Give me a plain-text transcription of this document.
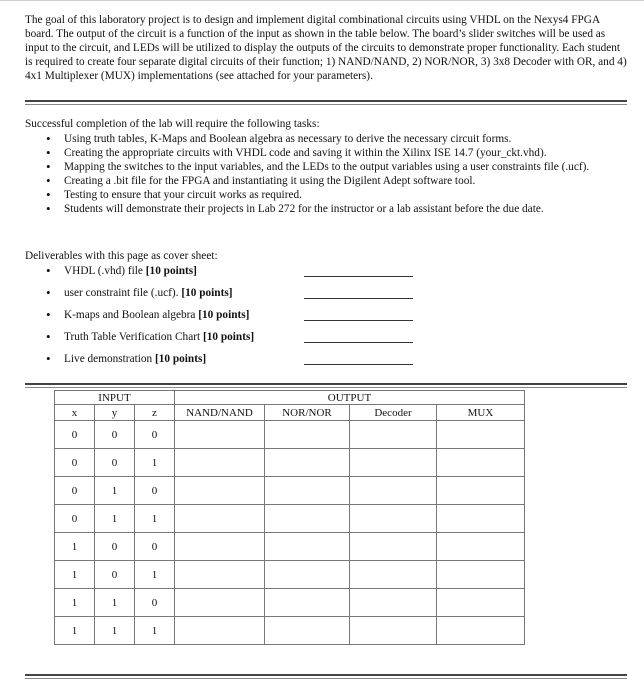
The goal of this laboratory project is to design and implement digital combinational circuits using VHDL on the Nexys4 FPGA board. The output of the circuit is a function of the input as shown in the table below. The board’s slider switches will be used as input to the circuit, and LEDs will be utilized to display the outputs of the circuits to demonstrate proper functionality. Each student is required to create four separate digital circuits of their function; 1) NAND/NAND, 2) NOR/NOR, 3) 3x8 Decoder with OR, and 4) 4x1 Multiplexer (MUX) implementations (see attached for your parameters).

Successful completion of the lab will require the following tasks:

• Using truth tables, K-Maps and Boolean algebra as necessary to derive the necessary circuit forms.
• Creating the appropriate circuits with VHDL code and saving it within the Xilinx ISE 14.7 (your_ckt.vhd).
• Mapping the switches to the input variables, and the LEDs to the output variables using a user constraints file (.ucf).
• Creating a .bit file for the FPGA and instantiating it using the Digilent Adept software tool.
• Testing to ensure that your circuit works as required.
• Students will demonstrate their projects in Lab 272 for the instructor or a lab assistant before the due date.

Deliverables with this page as cover sheet:

• VHDL (.vhd) file [10 points]
• user constraint file (.ucf). [10 points]
• K-maps and Boolean algebra [10 points]
• Truth Table Verification Chart [10 points]
• Live demonstration [10 points]
INPUT			OUTPUT			
x	y	z	NAND/NAND	NOR/NOR	Decoder	MUX
0	0	0				
0	0	1				
0	1	0				
0	1	1				
1	0	0				
1	0	1				
1	1	0				
1	1	1				
